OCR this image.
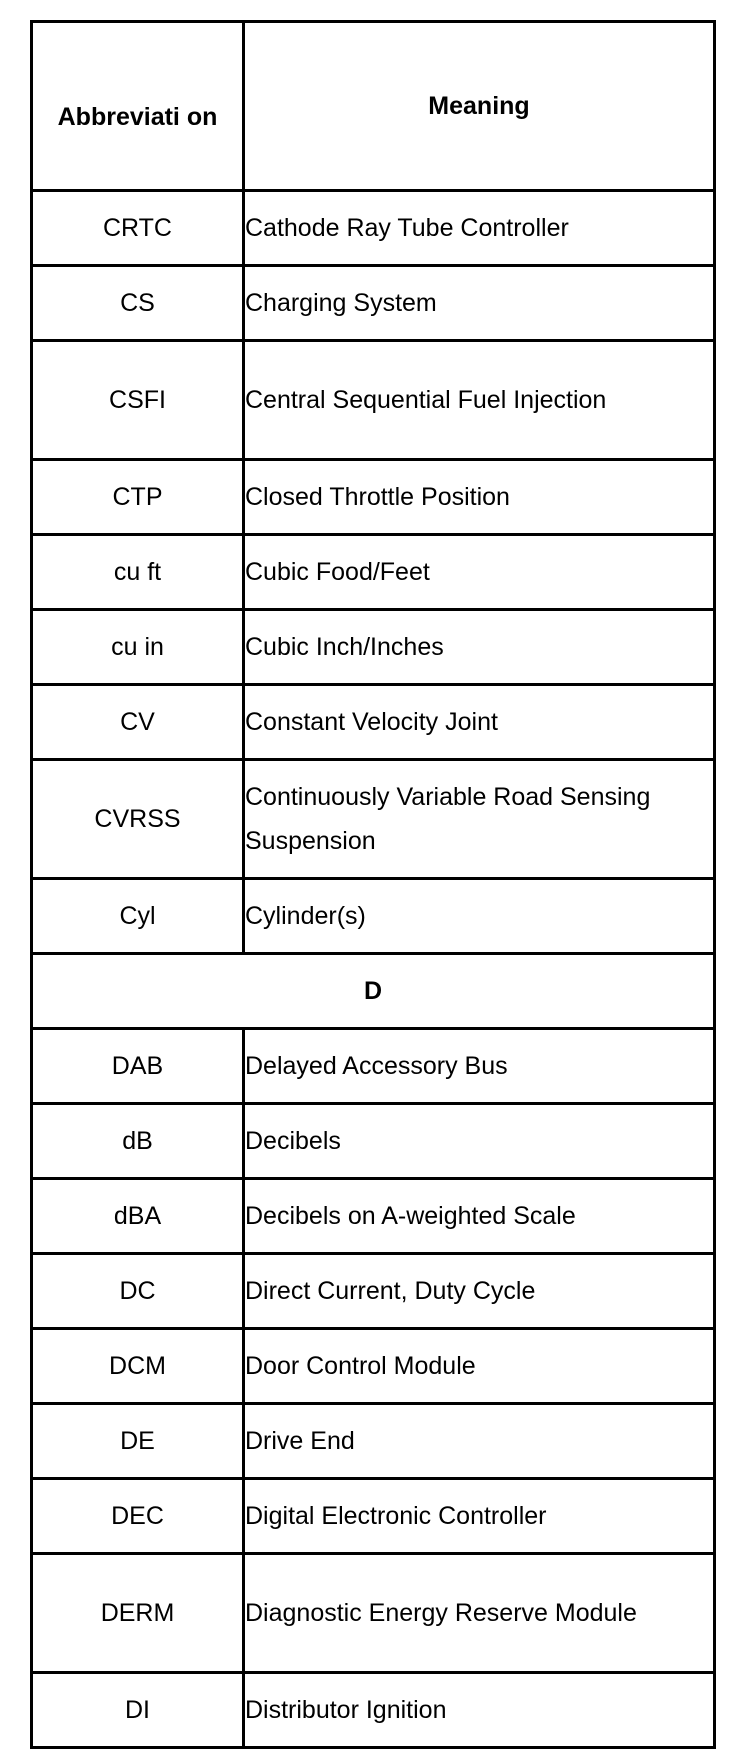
Abbreviati on	Meaning
CRTC	Cathode Ray Tube Controller
CS	Charging System
CSFI	Central Sequential Fuel Injection
CTP	Closed Throttle Position
cu ft	Cubic Food/Feet
cu in	Cubic Inch/Inches
CV	Constant Velocity Joint
CVRSS	Continuously Variable Road Sensing Suspension
Cyl	Cylinder(s)
D	
DAB	Delayed Accessory Bus
dB	Decibels
dBA	Decibels on A-weighted Scale
DC	Direct Current, Duty Cycle
DCM	Door Control Module
DE	Drive End
DEC	Digital Electronic Controller
DERM	Diagnostic Energy Reserve Module
DI	Distributor Ignition
